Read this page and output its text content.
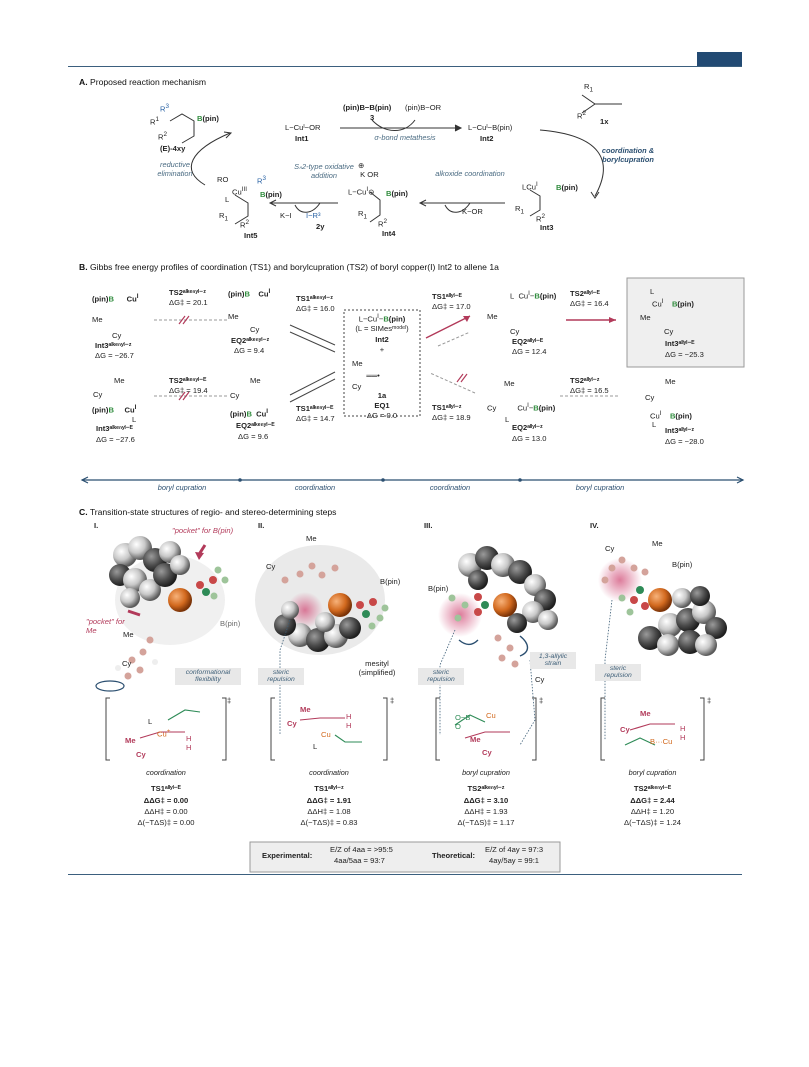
A. Proposed reaction mechanism
$R^3$
$R^1$
$R^2$
B(pin)
(E)-4xy
L−Cuᴵ−OR
Int1
(pin)B−B(pin)
3
(pin)B−OR
σ-bond metathesis
L−Cuᴵ−B(pin)
Int2
$R_1$
$R^2$
1x
coordination & borylcupration
LCu$^I$ B(pin)
$R_1$
$R^2$
Int3
alkoxide coordination
K−OR
⊕
K OR
$L-Cu^I⊖$ B(pin)
$R_1$
$R^2$
Int4
Sₙ2-type oxidative addition
K−I I−R³
2y
RO
$Cu^{III}$
$R^3$
L
B(pin)
$R_1$
$R^2$
Int5
reductive elimination
B. Gibbs free energy profiles of coordination (TS1) and borylcupration (TS2) of boryl copper(I) Int2 to allene 1a
(pin)B      $Cu^I$
Me
Cy
Int3ᵃˡᵏᵉⁿʸˡ⁻ᶻ
ΔG = −26.7
TS2ᵃˡᵏᵉⁿʸˡ⁻ᶻ
ΔG‡ = 20.1
(pin)B    $Cu^I$
Me
Cy
EQ2ᵃˡᵏᵉⁿʸˡ⁻ᶻ
ΔG = 9.4
TS1ᵃˡᵏᵉⁿʸˡ⁻ᶻ
ΔG‡ = 16.0
$L-Cu^I-B(pin)$
(L = SIMesᵐᵒᵈᵉˡ)
Int2
+
Me
══•
Cy
1a
EQ1
ΔG = 0.0
TS1ᵃˡˡʸˡ⁻ᴱ
ΔG‡ = 17.0
L  $Cu^I-B(pin)$
Me
Cy
EQ2ᵃˡˡʸˡ⁻ᴱ
ΔG = 12.4
TS2ᵃˡˡʸˡ⁻ᴱ
ΔG‡ = 16.4
L
$Cu^I$ B(pin)
Me
Cy
Int3ᵃˡˡʸˡ⁻ᴱ
ΔG = −25.3
Me
Cy
(pin)B     $Cu^I$
L
Int3ᵃˡᵏᵉⁿʸˡ⁻ᴱ
ΔG = −27.6
TS2ᵃˡᵏᵉⁿʸˡ⁻ᴱ
ΔG‡ = 19.4
Me
Cy
(pin)B  $Cu^I$
EQ2ᵃˡᵏᵉⁿʸˡ⁻ᴱ
ΔG = 9.6
TS1ᵃˡᵏᵉⁿʸˡ⁻ᴱ
ΔG‡ = 14.7
TS1ᵃˡˡʸˡ⁻ᶻ
ΔG‡ = 18.9
Me
Cy          $Cu^I-B(pin)$
L
EQ2ᵃˡˡʸˡ⁻ᶻ
ΔG = 13.0
TS2ᵃˡˡʸˡ⁻ᶻ
ΔG‡ = 16.5
Me
Cy
$Cu^I$ B(pin)
L
Int3ᵃˡˡʸˡ⁻ᶻ
ΔG = −28.0
boryl cupration	coordination	coordination	boryl cupration
C. Transition-state structures of regio- and stereo-determining steps
I.	II.	III.	IV.
"pocket" for B(pin)
"pocket" for Me	Me
Cy
B(pin)
conformational flexibility
Me
Cy
B(pin)
mesityl (simplified)
steric repulsion
B(pin)
Cy
steric repulsion
1,3-allylic strain
Cy
Me
B(pin)
steric repulsion
L
Cu+
Me
Cy
H
H
‡
Me
Cy
Cu
L
H
H
‡
O−B
O
Cu
Me
Cy
‡
Me
Cy	H
H
B···Cu
‡
coordination	coordination	boryl cupration	boryl cupration
TS1ᵃˡˡʸˡ⁻ᴱ
ΔΔG‡ = 0.00
ΔΔH‡ = 0.00
Δ(−TΔS)‡ = 0.00
TS1ᵃˡˡʸˡ⁻ᶻ
ΔΔG‡ = 1.91
ΔΔH‡ = 1.08
Δ(−TΔS)‡ = 0.83
TS2ᵃˡᵏᵉⁿʸˡ⁻ᶻ
ΔΔG‡ = 3.10
ΔΔH‡ = 1.93
Δ(−TΔS)‡ = 1.17
TS2ᵃˡᵏᵉⁿʸˡ⁻ᴱ
ΔΔG‡ = 2.44
ΔΔH‡ = 1.20
Δ(−TΔS)‡ = 1.24
Experimental:
E/Z of 4aa = >95:5
4aa/5aa = 93:7
Theoretical:
E/Z of 4ay = 97:3
4ay/5ay = 99:1
